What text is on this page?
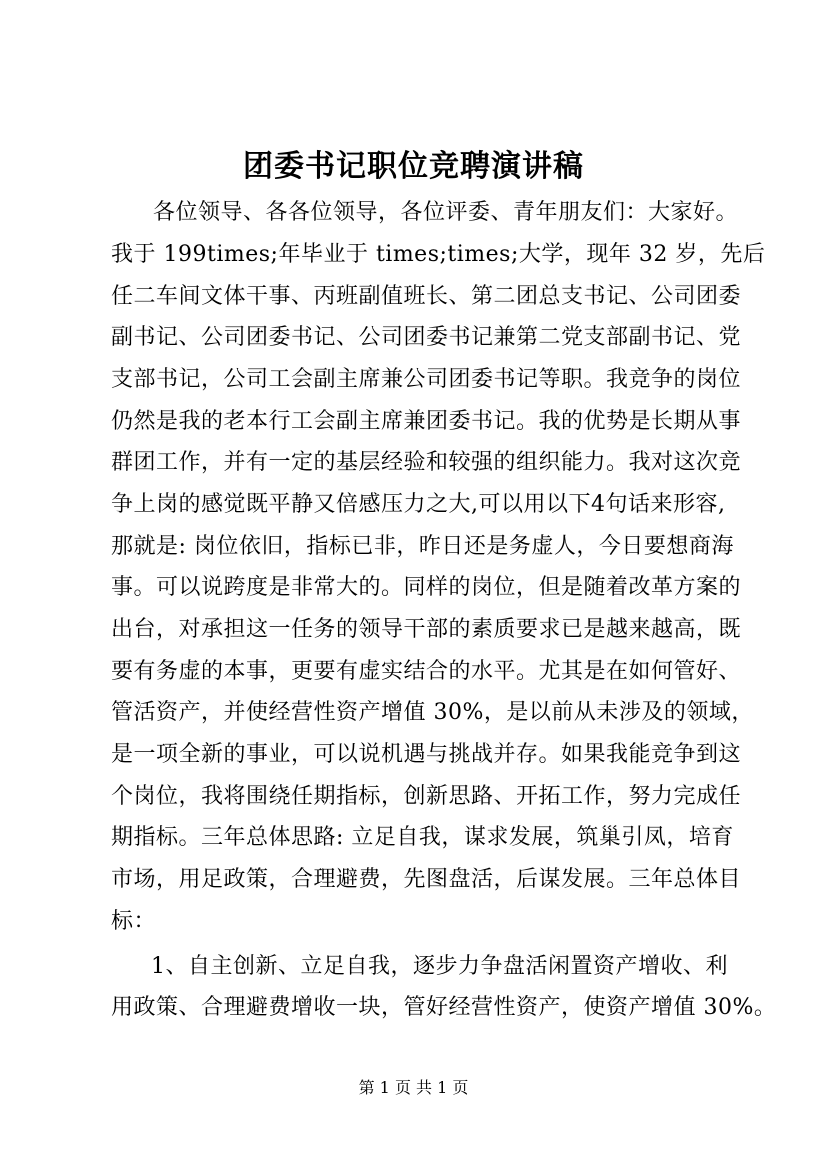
团委书记职位竞聘演讲稿
各位领导、各各位领导，各位评委、青年朋友们：大家好。
我于 199times;年毕业于 times;times;大学，现年 32 岁，先后
任二车间文体干事、丙班副值班长、第二团总支书记、公司团委
副书记、公司团委书记、公司团委书记兼第二党支部副书记、党
支部书记，公司工会副主席兼公司团委书记等职。我竞争的岗位
仍然是我的老本行工会副主席兼团委书记。我的优势是长期从事
群团工作，并有一定的基层经验和较强的组织能力。我对这次竞
争上岗的感觉既平静又倍感压力之大,可以用以下4句话来形容,
那就是: 岗位依旧，指标已非，昨日还是务虚人，今日要想商海
事。可以说跨度是非常大的。同样的岗位，但是随着改革方案的
出台，对承担这一任务的领导干部的素质要求已是越来越高，既
要有务虚的本事，更要有虚实结合的水平。尤其是在如何管好、
管活资产，并使经营性资产增值 30%，是以前从未涉及的领域，
是一项全新的事业，可以说机遇与挑战并存。如果我能竞争到这
个岗位，我将围绕任期指标，创新思路、开拓工作，努力完成任
期指标。三年总体思路: 立足自我，谋求发展，筑巢引凤，培育
市场，用足政策，合理避费，先图盘活，后谋发展。三年总体目
标：
1、自主创新、立足自我，逐步力争盘活闲置资产增收、利
用政策、合理避费增收一块，管好经营性资产，使资产增值 30%。
第 1 页 共 1 页
